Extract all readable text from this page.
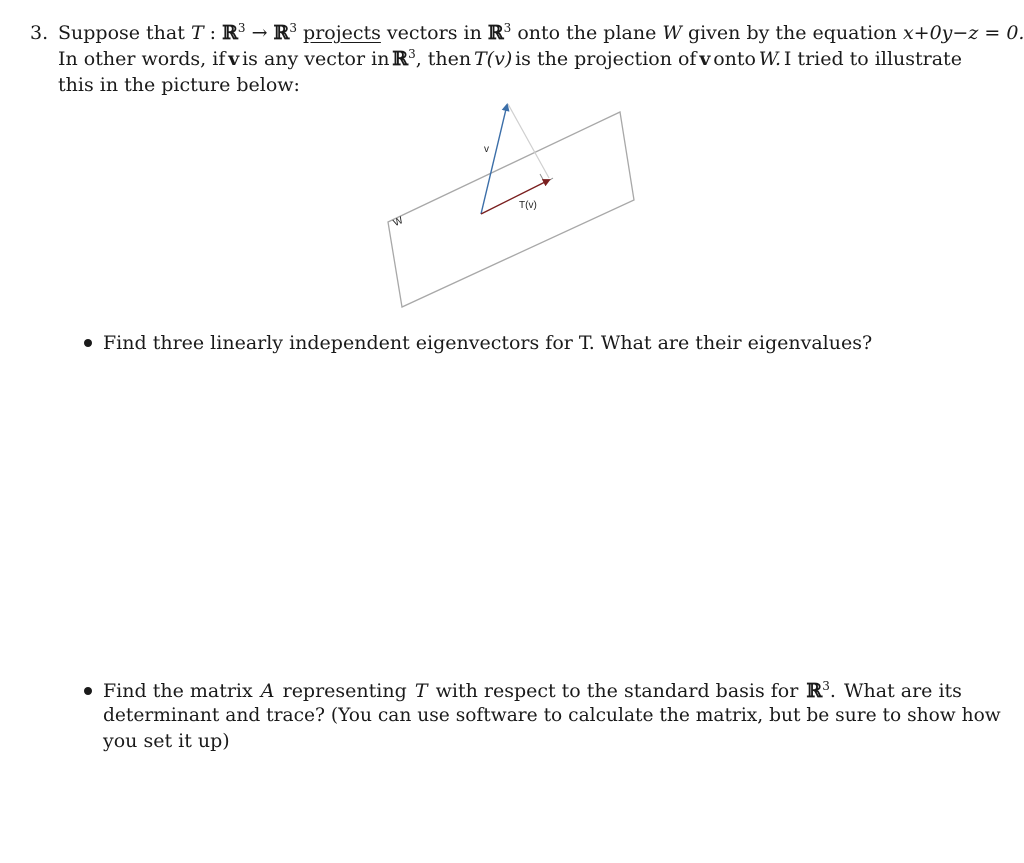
3. Suppose that T : ℝ$^3$ → ℝ$^3$ projects vectors in ℝ$^3$ onto the plane W given by the equation x+0y−z = 0.
In other words, if v is any vector in ℝ$^3$, then T(v) is the projection of v onto W. I tried to illustrate
this in the picture below:
v
T(v)
W
Find three linearly independent eigenvectors for T. What are their eigenvalues?
Find the matrix A representing T with respect to the standard basis for ℝ$^3$. What are its
determinant and trace? (You can use software to calculate the matrix, but be sure to show how
you set it up)
